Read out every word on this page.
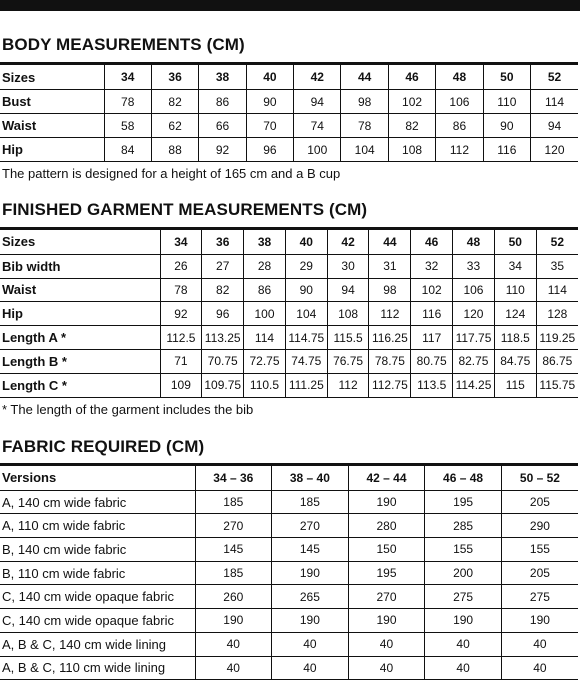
BODY MEASUREMENTS (CM)
Sizes	34	36	38	40	42	44	46	48	50	52
Bust	78	82	86	90	94	98	102	106	110	114
Waist	58	62	66	70	74	78	82	86	90	94
Hip	84	88	92	96	100	104	108	112	116	120
The pattern is designed for a height of 165 cm and a B cup
FINISHED GARMENT MEASUREMENTS (CM)
Sizes	34	36	38	40	42	44	46	48	50	52
Bib width	26	27	28	29	30	31	32	33	34	35
Waist	78	82	86	90	94	98	102	106	110	114
Hip	92	96	100	104	108	112	116	120	124	128
Length A *	112.5	113.25	114	114.75	115.5	116.25	117	117.75	118.5	119.25
Length B *	71	70.75	72.75	74.75	76.75	78.75	80.75	82.75	84.75	86.75
Length C *	109	109.75	110.5	111.25	112	112.75	113.5	114.25	115	115.75
* The length of the garment includes the bib
FABRIC REQUIRED (CM)
Versions	34 – 36	38 – 40	42 – 44	46 – 48	50 – 52
A, 140 cm wide fabric	185	185	190	195	205
A, 110 cm wide fabric	270	270	280	285	290
B, 140 cm wide fabric	145	145	150	155	155
B, 110 cm wide fabric	185	190	195	200	205
C, 140 cm wide opaque fabric	260	265	270	275	275
C, 140 cm wide opaque fabric	190	190	190	190	190
A, B & C, 140 cm wide lining	40	40	40	40	40
A, B & C, 110 cm wide lining	40	40	40	40	40
